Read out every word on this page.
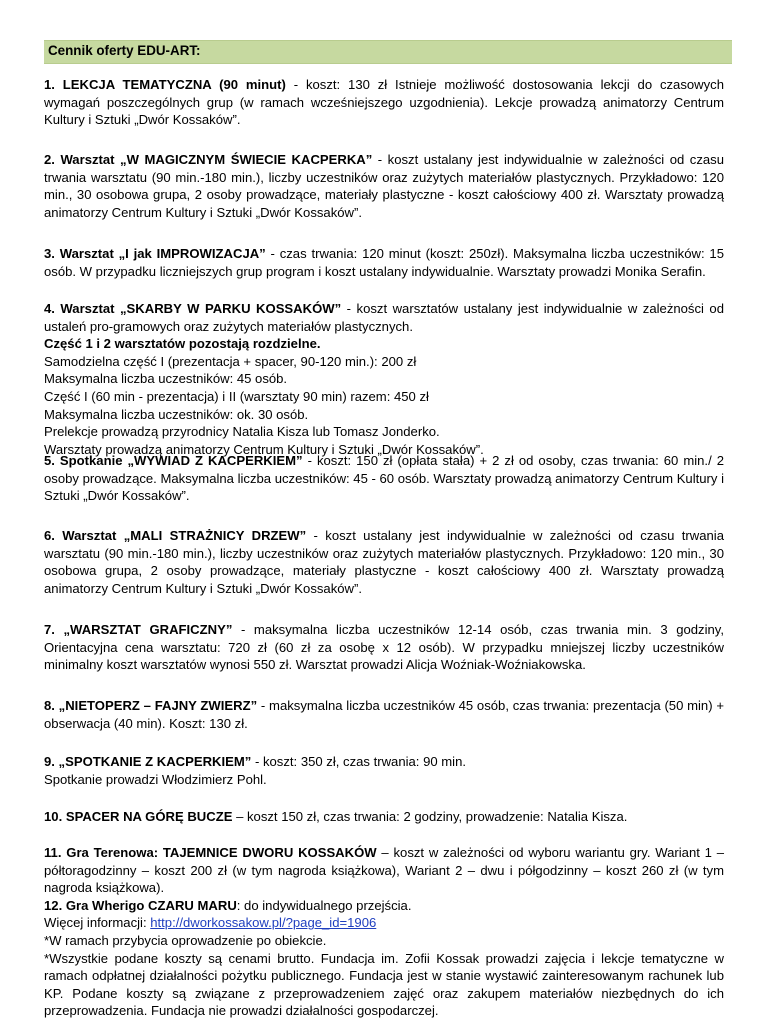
Cennik oferty EDU-ART:

1. LEKCJA TEMATYCZNA (90 minut) - koszt: 130 zł Istnieje możliwość dostosowania lekcji do czasowych wymagań poszczególnych grup (w ramach wcześniejszego uzgodnienia). Lekcje prowadzą animatorzy Centrum Kultury i Sztuki „Dwór Kossaków”.

2. Warsztat „W MAGICZNYM ŚWIECIE KACPERKA” - koszt ustalany jest indywidualnie w zależności od czasu trwania warsztatu (90 min.-180 min.), liczby uczestników oraz zużytych materiałów plastycznych. Przykładowo: 120 min., 30 osobowa grupa, 2 osoby prowadzące, materiały plastyczne - koszt całościowy 400 zł. Warsztaty prowadzą animatorzy Centrum Kultury i Sztuki „Dwór Kossaków”.

3. Warsztat „I jak IMPROWIZACJA” - czas trwania: 120 minut (koszt: 250zł). Maksymalna liczba uczestników: 15 osób. W przypadku liczniejszych grup program i koszt ustalany indywidualnie. Warsztaty prowadzi Monika Serafin.

4. Warsztat „SKARBY W PARKU KOSSAKÓW” - koszt warsztatów ustalany jest indywidualnie w zależności od ustaleń pro-gramowych oraz zużytych materiałów plastycznych.
Część 1 i 2 warsztatów pozostają rozdzielne.
Samodzielna część I (prezentacja + spacer, 90-120 min.): 200 zł
Maksymalna liczba uczestników: 45 osób.
Część I (60 min - prezentacja) i II (warsztaty 90 min) razem: 450 zł
Maksymalna liczba uczestników: ok. 30 osób.
Prelekcje prowadzą przyrodnicy Natalia Kisza lub Tomasz Jonderko.
Warsztaty prowadzą animatorzy Centrum Kultury i Sztuki „Dwór Kossaków”.

5. Spotkanie „WYWIAD Z KACPERKIEM” - koszt: 150 zł (opłata stała) + 2 zł od osoby, czas trwania: 60 min./ 2 osoby prowadzące. Maksymalna liczba uczestników: 45 - 60 osób. Warsztaty prowadzą animatorzy Centrum Kultury i Sztuki „Dwór Kossaków”.

6. Warsztat „MALI STRAŻNICY DRZEW” - koszt ustalany jest indywidualnie w zależności od czasu trwania warsztatu (90 min.-180 min.), liczby uczestników oraz zużytych materiałów plastycznych. Przykładowo: 120 min., 30 osobowa grupa, 2 osoby prowadzące, materiały plastyczne - koszt całościowy 400 zł. Warsztaty prowadzą animatorzy Centrum Kultury i Sztuki „Dwór Kossaków”.

7. „WARSZTAT GRAFICZNY” - maksymalna liczba uczestników 12-14 osób, czas trwania min. 3 godziny, Orientacyjna cena warsztatu: 720 zł (60 zł za osobę x 12 osób). W przypadku mniejszej liczby uczestników minimalny koszt warsztatów wynosi 550 zł. Warsztat prowadzi Alicja Woźniak-Woźniakowska.

8. „NIETOPERZ – FAJNY ZWIERZ” - maksymalna liczba uczestników 45 osób, czas trwania: prezentacja (50 min) + obserwacja (40 min). Koszt: 130 zł.

9. „SPOTKANIE Z KACPERKIEM” - koszt: 350 zł, czas trwania: 90 min.
Spotkanie prowadzi Włodzimierz Pohl.

10. SPACER NA GÓRĘ BUCZE – koszt 150 zł, czas trwania: 2 godziny, prowadzenie: Natalia Kisza.

11. Gra Terenowa: TAJEMNICE DWORU KOSSAKÓW – koszt w zależności od wyboru wariantu gry. Wariant 1 – półtoragodzinny – koszt 200 zł (w tym nagroda książkowa), Wariant 2 – dwu i półgodzinny – koszt 260 zł (w tym nagroda książkowa).
12. Gra Wherigo CZARU MARU: do indywidualnego przejścia.
Więcej informacji: http://dworkossakow.pl/?page_id=1906
*W ramach przybycia oprowadzenie po obiekcie.
*Wszystkie podane koszty są cenami brutto. Fundacja im. Zofii Kossak prowadzi zajęcia i lekcje tematyczne w ramach odpłatnej działalności pożytku publicznego. Fundacja jest w stanie wystawić zainteresowanym rachunek lub KP. Podane koszty są związane z przeprowadzeniem zajęć oraz zakupem materiałów niezbędnych do ich przeprowadzenia. Fundacja nie prowadzi działalności gospodarczej.
